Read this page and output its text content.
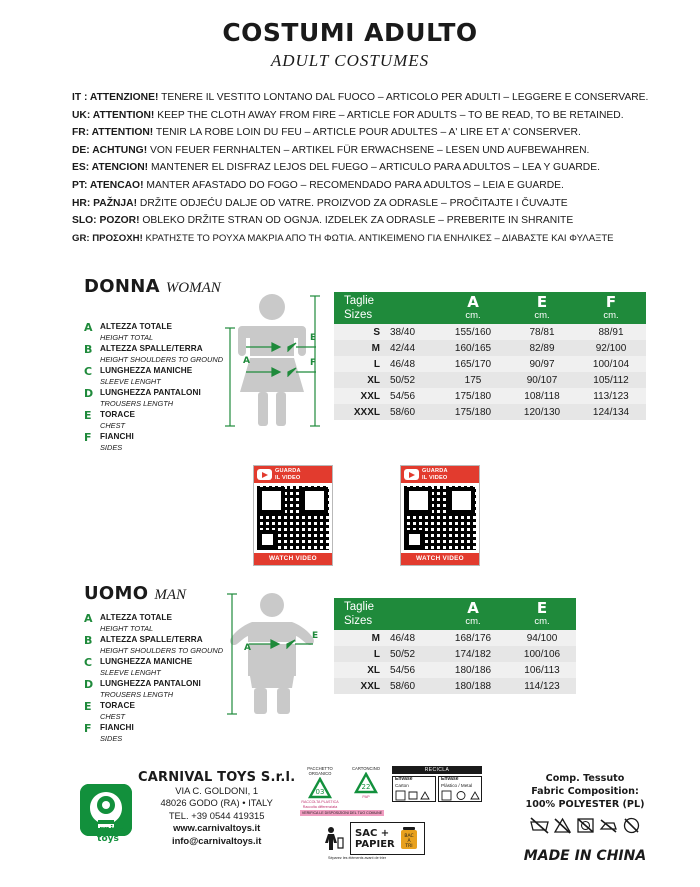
COSTUMI ADULTO
ADULT COSTUMES
IT : ATTENZIONE! TENERE IL VESTITO LONTANO DAL FUOCO – ARTICOLO PER ADULTI – LEGGERE E CONSERVARE.
UK: ATTENTION! KEEP THE CLOTH AWAY FROM FIRE – ARTICLE FOR ADULTS – TO BE READ, TO BE RETAINED.
FR: ATTENTION! TENIR LA ROBE LOIN DU FEU – ARTICLE POUR ADULTES – A' LIRE ET A' CONSERVER.
DE: ACHTUNG! VON FEUER FERNHALTEN – ARTIKEL FÜR ERWACHSENE – LESEN UND AUFBEWAHREN.
ES: ATENCION! MANTENER EL DISFRAZ LEJOS DEL FUEGO – ARTICULO PARA ADULTOS – LEA Y GUARDE.
PT: ATENCAO! MANTER AFASTADO DO FOGO – RECOMENDADO PARA ADULTOS – LEIA E GUARDE.
HR: PAŽNJA! DRŽITE ODJEĆU DALJE OD VATRE. PROIZVOD ZA ODRASLE – PROČITAJTE I ČUVAJTE
SLO: POZOR! OBLEKO DRŽITE STRAN OD OGNJA. IZDELEK ZA ODRASLE – PREBERITE IN SHRANITE
GR: ΠΡΟΣΟΧΗ! ΚΡΑΤΗΣΤΕ ΤΟ ΡΟΥΧΑ ΜΑΚΡΙΑ ΑΠΟ ΤΗ ΦΩΤΙΑ. ΑΝΤΙΚΕΙΜΕΝΟ ΓΙΑ ΕΝΗΛΙΚΕΣ – ΔΙΑΒΑΣΤΕ ΚΑΙ ΦΥΛΑΞΤΕ
DONNA WOMAN
A ALTEZZA TOTALE
HEIGHT TOTAL
B ALTEZZA SPALLE/TERRA
HEIGHT SHOULDERS TO GROUND
C LUNGHEZZA MANICHE
SLEEVE LENGHT
D LUNGHEZZA PANTALONI
TROUSERS LENGTH
E	TORACE
CHEST
F	FIANCHI
SIDES
A
E
F
Taglie
Sizes

A
cm.

E
cm.

F
cm.

S	38/40	155/160	78/81	88/91
M	42/44	160/165	82/89	92/100
L	46/48	165/170	90/97	100/104
XL	50/52	175	90/107	105/112
XXL	54/56	175/180	108/118	113/123
XXXL	58/60	175/180	120/130	124/134
GUARDA
IL VIDEO
WATCH VIDEO
GUARDA
IL VIDEO
WATCH VIDEO
UOMO MAN
A ALTEZZA TOTALE
HEIGHT TOTAL
B ALTEZZA SPALLE/TERRA
HEIGHT SHOULDERS TO GROUND
C LUNGHEZZA MANICHE
SLEEVE LENGHT
D LUNGHEZZA PANTALONI
TROUSERS LENGTH
E	TORACE
CHEST
F	FIANCHI
SIDES
A
E
Taglie
Sizes

A
cm.

E
cm.

M	46/48	168/176	94/100
L	50/52	174/182	100/106
XL	54/56	180/186	106/113
XXL	58/60	180/188	114/123
CARNIVAL TOYS S.r.l.
VIA C. GOLDONI, 1
48026 GODO (RA) • ITALY
TEL. +39 0544 419315
www.carnivaltoys.it
info@carnivaltoys.it
carnival
toys
PACCHETTO
ORGANICO
03
RACCOLTA PLASTICA
Raccolta differenziata
CARTONCINO
22
PAP
VERIFICA LE DISPOSIZIONI DEL TUO COMUNE
RECICLA
Envase
Carton
Envase
Plàstico / Metal
SAC +
PAPIER
BAC
À
TRI
Séparez les éléments avant de trier
Comp. Tessuto
Fabric Composition:
100% POLYESTER (PL)
MADE IN CHINA
